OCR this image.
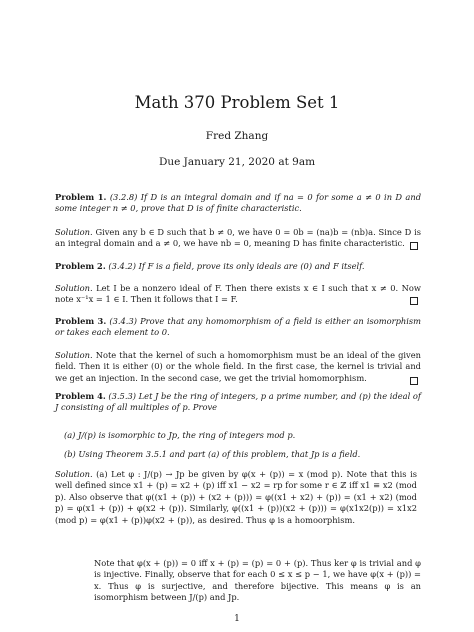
Math 370 Problem Set 1
Fred Zhang
Due January 21, 2020 at 9am
Problem 1. (3.2.8) If D is an integral domain and if na = 0 for some a ≠ 0 in D and some integer n ≠ 0, prove that D is of finite characteristic.
Solution. Given any b ∈ D such that b ≠ 0, we have 0 = 0b = (na)b = (nb)a. Since D is an integral domain and a ≠ 0, we have nb = 0, meaning D has finite characteristic.
Problem 2. (3.4.2) If F is a field, prove its only ideals are (0) and F itself.
Solution. Let I be a nonzero ideal of F. Then there exists x ∈ I such that x ≠ 0. Now note x⁻¹x = 1 ∈ I. Then it follows that I = F.
Problem 3. (3.4.3) Prove that any homomorphism of a field is either an isomorphism or takes each element to 0.
Solution. Note that the kernel of such a homomorphism must be an ideal of the given field. Then it is either (0) or the whole field. In the first case, the kernel is trivial and we get an injection. In the second case, we get the trivial homomorphism.
Problem 4. (3.5.3) Let J be the ring of integers, p a prime number, and (p) the ideal of J consisting of all multiples of p. Prove
(a) J/(p) is isomorphic to Jp, the ring of integers mod p.
(b) Using Theorem 3.5.1 and part (a) of this problem, that Jp is a field.
Solution. (a) Let φ : J/(p) → Jp be given by φ(x + (p)) = x (mod p). Note that this is well defined since x1 + (p) = x2 + (p) iff x1 − x2 = rp for some r ∈ ℤ iff x1 ≡ x2 (mod p). Also observe that φ((x1 + (p)) + (x2 + (p))) = φ((x1 + x2) + (p)) = (x1 + x2) (mod p) = φ(x1 + (p)) + φ(x2 + (p)). Similarly, φ((x1 + (p))(x2 + (p))) = φ(x1x2(p)) = x1x2 (mod p) = φ(x1 + (p))φ(x2 + (p)), as desired. Thus φ is a homoorphism.
Note that φ(x + (p)) = 0 iff x + (p) = (p) = 0 + (p). Thus ker φ is trivial and φ is injective. Finally, observe that for each 0 ≤ x ≤ p − 1, we have φ(x + (p)) = x. Thus φ is surjective, and therefore bijective. This means φ is an isomorphism between J/(p) and Jp.
1
